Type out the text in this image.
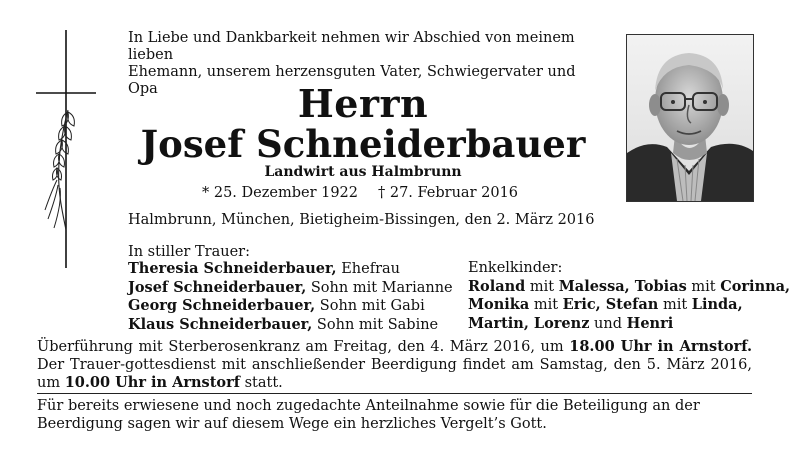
In Liebe und Dankbarkeit nehmen wir Abschied von meinem lieben
Ehemann, unserem herzensguten Vater, Schwiegervater und Opa	Herrn
Josef Schneiderbauer
Landwirt aus Halmbrunn
* 25. Dezember 1922 † 27. Februar 2016
Halmbrunn, München, Bietigheim-Bissingen, den 2. März 2016
In stiller Trauer:
Theresia Schneiderbauer, Ehefrau
Josef Schneiderbauer, Sohn mit Marianne
Georg Schneiderbauer, Sohn mit Gabi
Klaus Schneiderbauer, Sohn mit Sabine
Enkelkinder:
Roland mit Malessa, Tobias mit Corinna,
Monika mit Eric, Stefan mit Linda,
Martin, Lorenz und Henri
Überführung mit Sterberosenkranz am Freitag, den 4. März 2016, um 18.00 Uhr in Arnstorf. Der Trauer-gottesdienst mit anschließender Beerdigung findet am Samstag, den 5. März 2016, um 10.00 Uhr in Arnstorf statt.
Für bereits erwiesene und noch zugedachte Anteilnahme sowie für die Beteiligung an der Beerdigung sagen wir auf diesem Wege ein herzliches Vergelt’s Gott.
